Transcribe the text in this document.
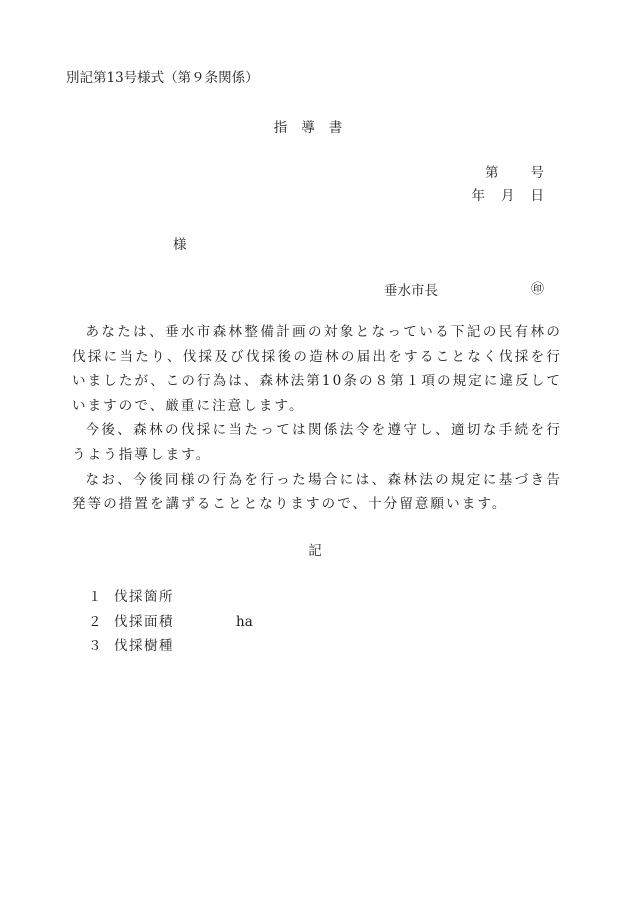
別記第13号様式（第９条関係）
指導書
第 号
年 月 日
様
垂水市長	㊞

あなたは、垂水市森林整備計画の対象となっている下記の民有林の伐採に当たり、伐採及び伐採後の造林の届出をすることなく伐採を行いましたが、この行為は、森林法第10条の８第１項の規定に違反していますので、厳重に注意します。

今後、森林の伐採に当たっては関係法令を遵守し、適切な手続を行うよう指導します。

なお、今後同様の行為を行った場合には、森林法の規定に基づき告発等の措置を講ずることとなりますので、十分留意願います。

記
１ 伐採箇所
２ 伐採面積	ha
３ 伐採樹種
